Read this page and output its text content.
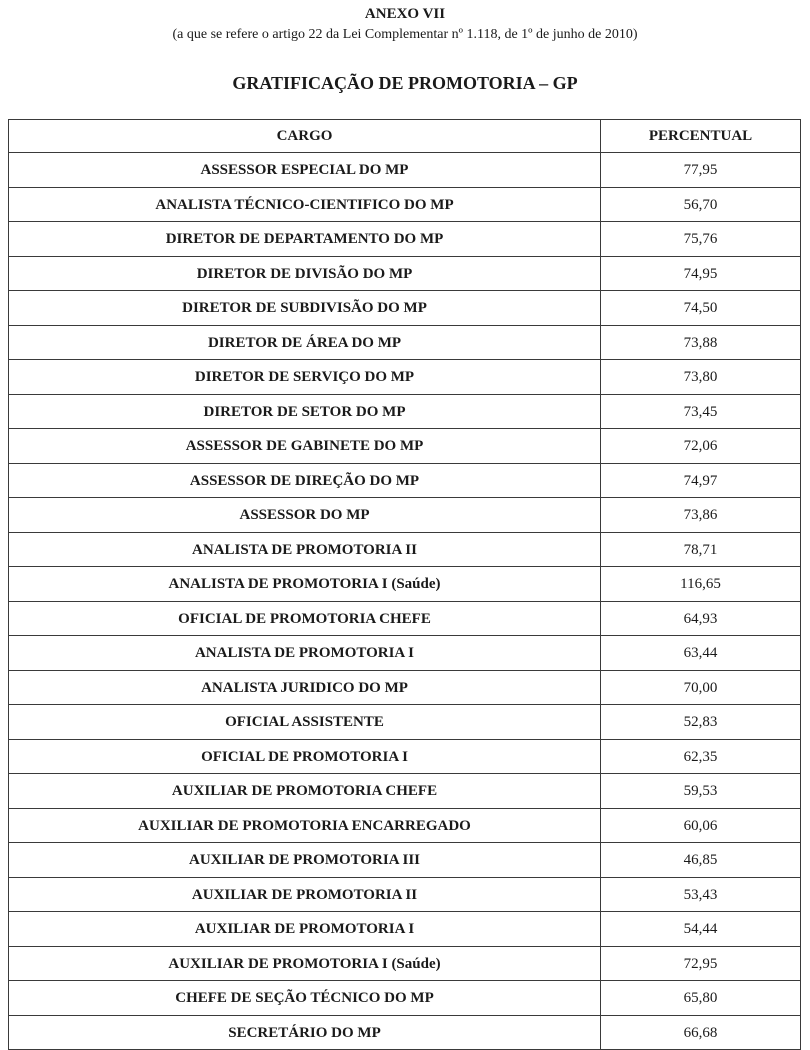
ANEXO VII
(a que se refere o artigo 22 da Lei Complementar nº 1.118, de 1º de junho de 2010)
GRATIFICAÇÃO DE PROMOTORIA – GP
CARGO	PERCENTUAL
ASSESSOR ESPECIAL DO MP	77,95
ANALISTA TÉCNICO-CIENTIFICO DO MP	56,70
DIRETOR DE DEPARTAMENTO DO MP	75,76
DIRETOR DE DIVISÃO DO MP	74,95
DIRETOR DE SUBDIVISÃO DO MP	74,50
DIRETOR DE ÁREA DO MP	73,88
DIRETOR DE SERVIÇO DO MP	73,80
DIRETOR DE SETOR DO MP	73,45
ASSESSOR DE GABINETE DO MP	72,06
ASSESSOR DE DIREÇÃO DO MP	74,97
ASSESSOR DO MP	73,86
ANALISTA DE PROMOTORIA II	78,71
ANALISTA DE PROMOTORIA I (Saúde)	116,65
OFICIAL DE PROMOTORIA CHEFE	64,93
ANALISTA DE PROMOTORIA I	63,44
ANALISTA JURIDICO DO MP	70,00
OFICIAL ASSISTENTE	52,83
OFICIAL DE PROMOTORIA I	62,35
AUXILIAR DE PROMOTORIA CHEFE	59,53
AUXILIAR DE PROMOTORIA ENCARREGADO	60,06
AUXILIAR DE PROMOTORIA III	46,85
AUXILIAR DE PROMOTORIA II	53,43
AUXILIAR DE PROMOTORIA I	54,44
AUXILIAR DE PROMOTORIA I (Saúde)	72,95
CHEFE DE SEÇÃO TÉCNICO DO MP	65,80
SECRETÁRIO DO MP	66,68
